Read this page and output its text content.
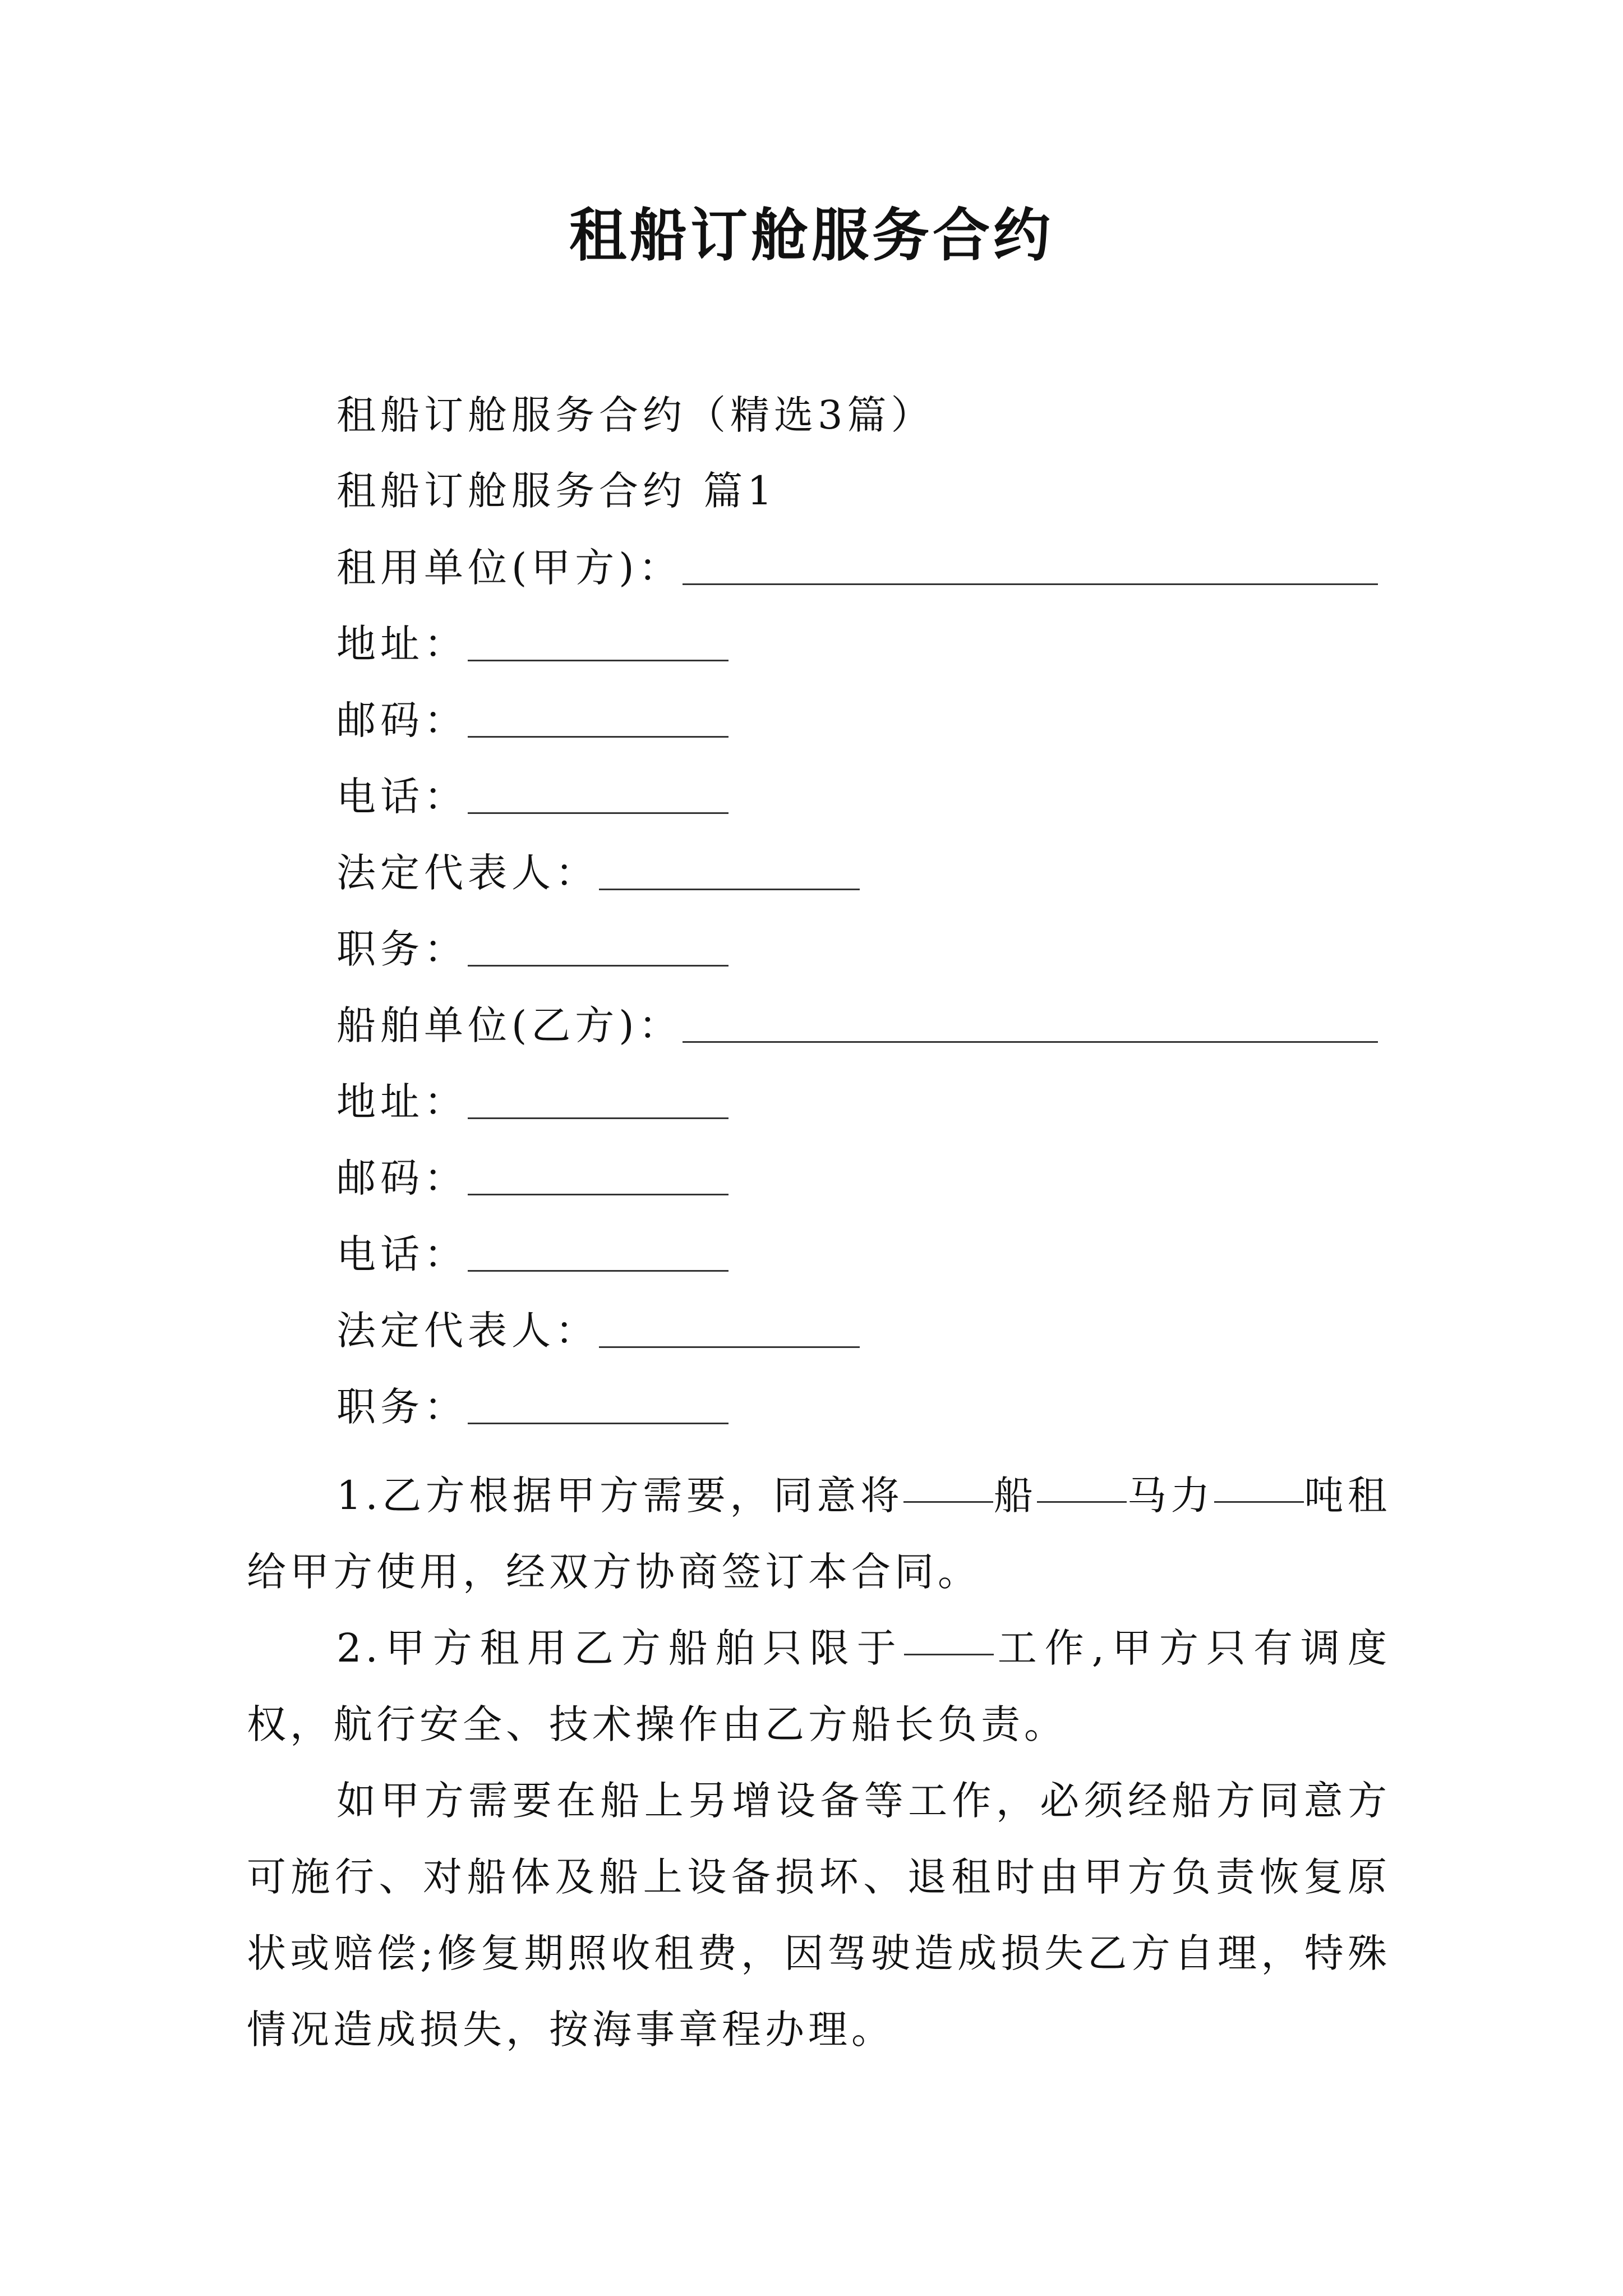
租船订舱服务合约
租船订舱服务合约（精选3篇）
租船订舱服务合约 篇1
租用单位(甲方)：
地址：
邮码：
电话：
法定代表人：
职务：
船舶单位(乙方)：
地址：
邮码：
电话：
法定代表人：
职务：
1.乙方根据甲方需要，同意将 船 马力 吨租给甲方使用，经双方协商签订本合同。
2.甲方租用乙方船舶只限于 工作,甲方只有调度权，航行安全、技术操作由乙方船长负责。
如甲方需要在船上另增设备等工作，必须经船方同意方可施行、对船体及船上设备损坏、退租时由甲方负责恢复原状或赔偿;修复期照收租费，因驾驶造成损失乙方自理，特殊情况造成损失，按海事章程办理。
